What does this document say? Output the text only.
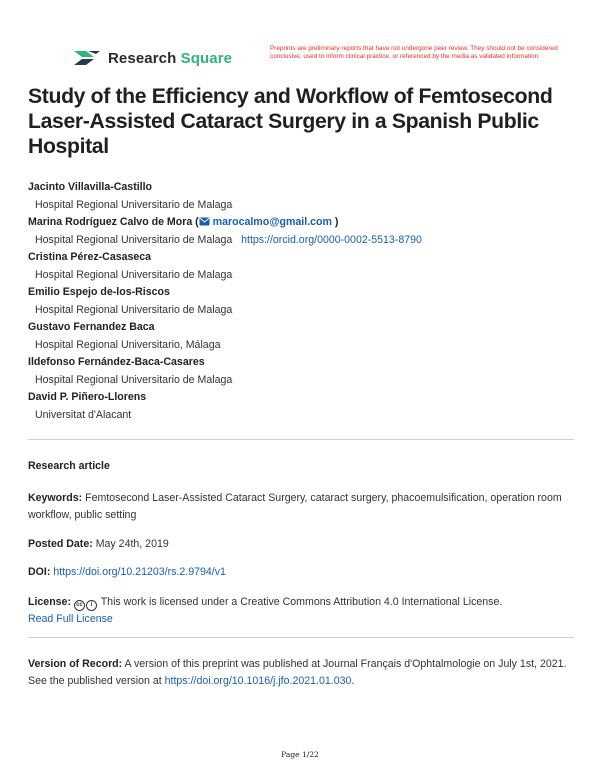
Research Square
Preprints are preliminary reports that have not undergone peer review. They should not be considered conclusive, used to inform clinical practice, or referenced by the media as validated information.
Study of the Efficiency and Workflow of Femtosecond Laser-Assisted Cataract Surgery in a Spanish Public Hospital
Jacinto Villavilla-Castillo
Hospital Regional Universitario de Malaga
Marina Rodríguez Calvo de Mora ( marocalmo@gmail.com )
Hospital Regional Universitario de Malaga https://orcid.org/0000-0002-5513-8790
Cristina Pérez-Casaseca
Hospital Regional Universitario de Malaga
Emilio Espejo de-los-Riscos
Hospital Regional Universitario de Malaga
Gustavo Fernandez Baca
Hospital Regional Universitario, Málaga
Ildefonso Fernández-Baca-Casares
Hospital Regional Universitario de Malaga
David P. Piñero-Llorens
Universitat d'Alacant
Research article
Keywords: Femtosecond Laser-Assisted Cataract Surgery, cataract surgery, phacoemulsification, operation room workflow, public setting
Posted Date: May 24th, 2019
DOI: https://doi.org/10.21203/rs.2.9794/v1
License: cc i This work is licensed under a Creative Commons Attribution 4.0 International License.
Read Full License
Version of Record: A version of this preprint was published at Journal Français d'Ophtalmologie on July 1st, 2021. See the published version at https://doi.org/10.1016/j.jfo.2021.01.030.
Page 1/22
